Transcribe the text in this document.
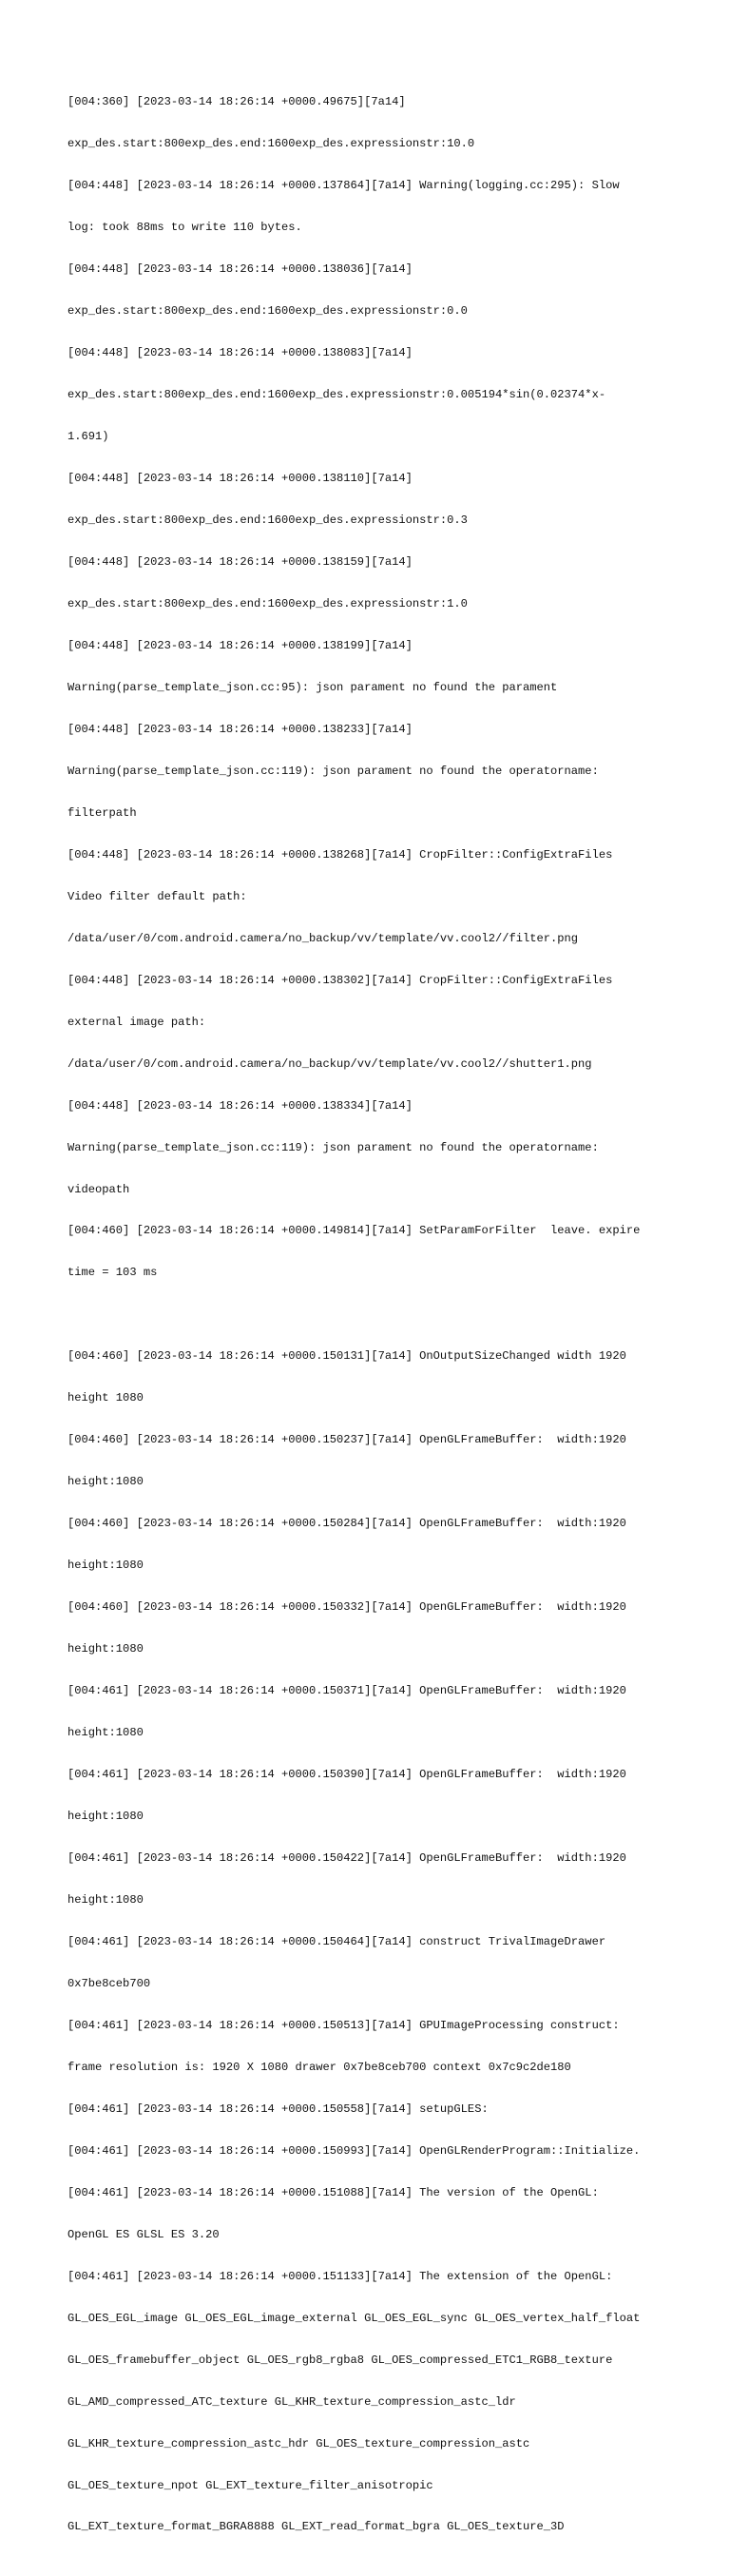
[004:360] [2023-03-14 18:26:14 +0000.49675][7a14]

exp_des.start:800exp_des.end:1600exp_des.expressionstr:10.0

[004:448] [2023-03-14 18:26:14 +0000.137864][7a14] Warning(logging.cc:295): Slow

log: took 88ms to write 110 bytes.

[004:448] [2023-03-14 18:26:14 +0000.138036][7a14]

exp_des.start:800exp_des.end:1600exp_des.expressionstr:0.0

[004:448] [2023-03-14 18:26:14 +0000.138083][7a14]

exp_des.start:800exp_des.end:1600exp_des.expressionstr:0.005194*sin(0.02374*x-

1.691)

[004:448] [2023-03-14 18:26:14 +0000.138110][7a14]

exp_des.start:800exp_des.end:1600exp_des.expressionstr:0.3

[004:448] [2023-03-14 18:26:14 +0000.138159][7a14]

exp_des.start:800exp_des.end:1600exp_des.expressionstr:1.0

[004:448] [2023-03-14 18:26:14 +0000.138199][7a14]

Warning(parse_template_json.cc:95): json parament no found the parament

[004:448] [2023-03-14 18:26:14 +0000.138233][7a14]

Warning(parse_template_json.cc:119): json parament no found the operatorname:

filterpath

[004:448] [2023-03-14 18:26:14 +0000.138268][7a14] CropFilter::ConfigExtraFiles

Video filter default path:

/data/user/0/com.android.camera/no_backup/vv/template/vv.cool2//filter.png

[004:448] [2023-03-14 18:26:14 +0000.138302][7a14] CropFilter::ConfigExtraFiles

external image path:

/data/user/0/com.android.camera/no_backup/vv/template/vv.cool2//shutter1.png

[004:448] [2023-03-14 18:26:14 +0000.138334][7a14]

Warning(parse_template_json.cc:119): json parament no found the operatorname:

videopath

[004:460] [2023-03-14 18:26:14 +0000.149814][7a14] SetParamForFilter  leave. expire

time = 103 ms

[004:460] [2023-03-14 18:26:14 +0000.150131][7a14] OnOutputSizeChanged width 1920

height 1080

[004:460] [2023-03-14 18:26:14 +0000.150237][7a14] OpenGLFrameBuffer:  width:1920

height:1080

[004:460] [2023-03-14 18:26:14 +0000.150284][7a14] OpenGLFrameBuffer:  width:1920

height:1080

[004:460] [2023-03-14 18:26:14 +0000.150332][7a14] OpenGLFrameBuffer:  width:1920

height:1080

[004:461] [2023-03-14 18:26:14 +0000.150371][7a14] OpenGLFrameBuffer:  width:1920

height:1080

[004:461] [2023-03-14 18:26:14 +0000.150390][7a14] OpenGLFrameBuffer:  width:1920

height:1080

[004:461] [2023-03-14 18:26:14 +0000.150422][7a14] OpenGLFrameBuffer:  width:1920

height:1080

[004:461] [2023-03-14 18:26:14 +0000.150464][7a14] construct TrivalImageDrawer

0x7be8ceb700

[004:461] [2023-03-14 18:26:14 +0000.150513][7a14] GPUImageProcessing construct:

frame resolution is: 1920 X 1080 drawer 0x7be8ceb700 context 0x7c9c2de180

[004:461] [2023-03-14 18:26:14 +0000.150558][7a14] setupGLES:

[004:461] [2023-03-14 18:26:14 +0000.150993][7a14] OpenGLRenderProgram::Initialize.

[004:461] [2023-03-14 18:26:14 +0000.151088][7a14] The version of the OpenGL:

OpenGL ES GLSL ES 3.20

[004:461] [2023-03-14 18:26:14 +0000.151133][7a14] The extension of the OpenGL:

GL_OES_EGL_image GL_OES_EGL_image_external GL_OES_EGL_sync GL_OES_vertex_half_float

GL_OES_framebuffer_object GL_OES_rgb8_rgba8 GL_OES_compressed_ETC1_RGB8_texture

GL_AMD_compressed_ATC_texture GL_KHR_texture_compression_astc_ldr

GL_KHR_texture_compression_astc_hdr GL_OES_texture_compression_astc

GL_OES_texture_npot GL_EXT_texture_filter_anisotropic

GL_EXT_texture_format_BGRA8888 GL_EXT_read_format_bgra GL_OES_texture_3D
